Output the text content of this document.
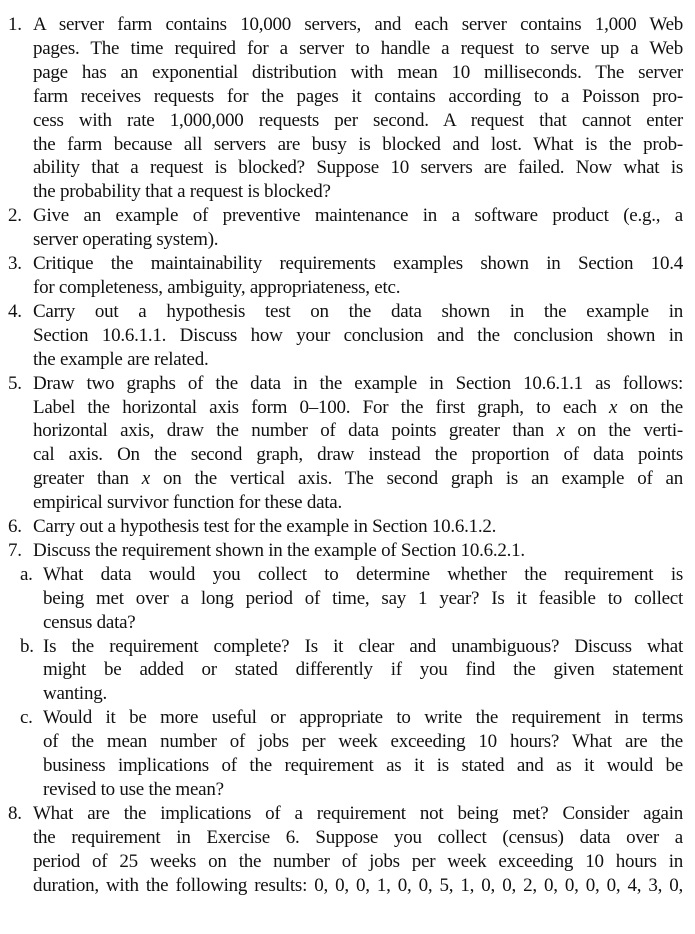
1. A server farm contains 10,000 servers, and each server contains 1,000 Web
pages. The time required for a server to handle a request to serve up a Web
page has an exponential distribution with mean 10 milliseconds. The server
farm receives requests for the pages it contains according to a Poisson pro-
cess with rate 1,000,000 requests per second. A request that cannot enter
the farm because all servers are busy is blocked and lost. What is the prob-
ability that a request is blocked? Suppose 10 servers are failed. Now what is
the probability that a request is blocked?
2. Give an example of preventive maintenance in a software product (e.g., a
server operating system).
3. Critique the maintainability requirements examples shown in Section 10.4
for completeness, ambiguity, appropriateness, etc.
4. Carry out a hypothesis test on the data shown in the example in
Section 10.6.1.1. Discuss how your conclusion and the conclusion shown in
the example are related.
5. Draw two graphs of the data in the example in Section 10.6.1.1 as follows:
Label the horizontal axis form 0–100. For the first graph, to each x on the
horizontal axis, draw the number of data points greater than x on the verti-
cal axis. On the second graph, draw instead the proportion of data points
greater than x on the vertical axis. The second graph is an example of an
empirical survivor function for these data.
6. Carry out a hypothesis test for the example in Section 10.6.1.2.
7. Discuss the requirement shown in the example of Section 10.6.2.1.
a. What data would you collect to determine whether the requirement is
being met over a long period of time, say 1 year? Is it feasible to collect
census data?
b. Is the requirement complete? Is it clear and unambiguous? Discuss what
might be added or stated differently if you find the given statement
wanting.
c. Would it be more useful or appropriate to write the requirement in terms
of the mean number of jobs per week exceeding 10 hours? What are the
business implications of the requirement as it is stated and as it would be
revised to use the mean?
8. What are the implications of a requirement not being met? Consider again
the requirement in Exercise 6. Suppose you collect (census) data over a
period of 25 weeks on the number of jobs per week exceeding 10 hours in
duration, with the following results: 0, 0, 0, 1, 0, 0, 5, 1, 0, 0, 2, 0, 0, 0, 0, 4, 3, 0,
